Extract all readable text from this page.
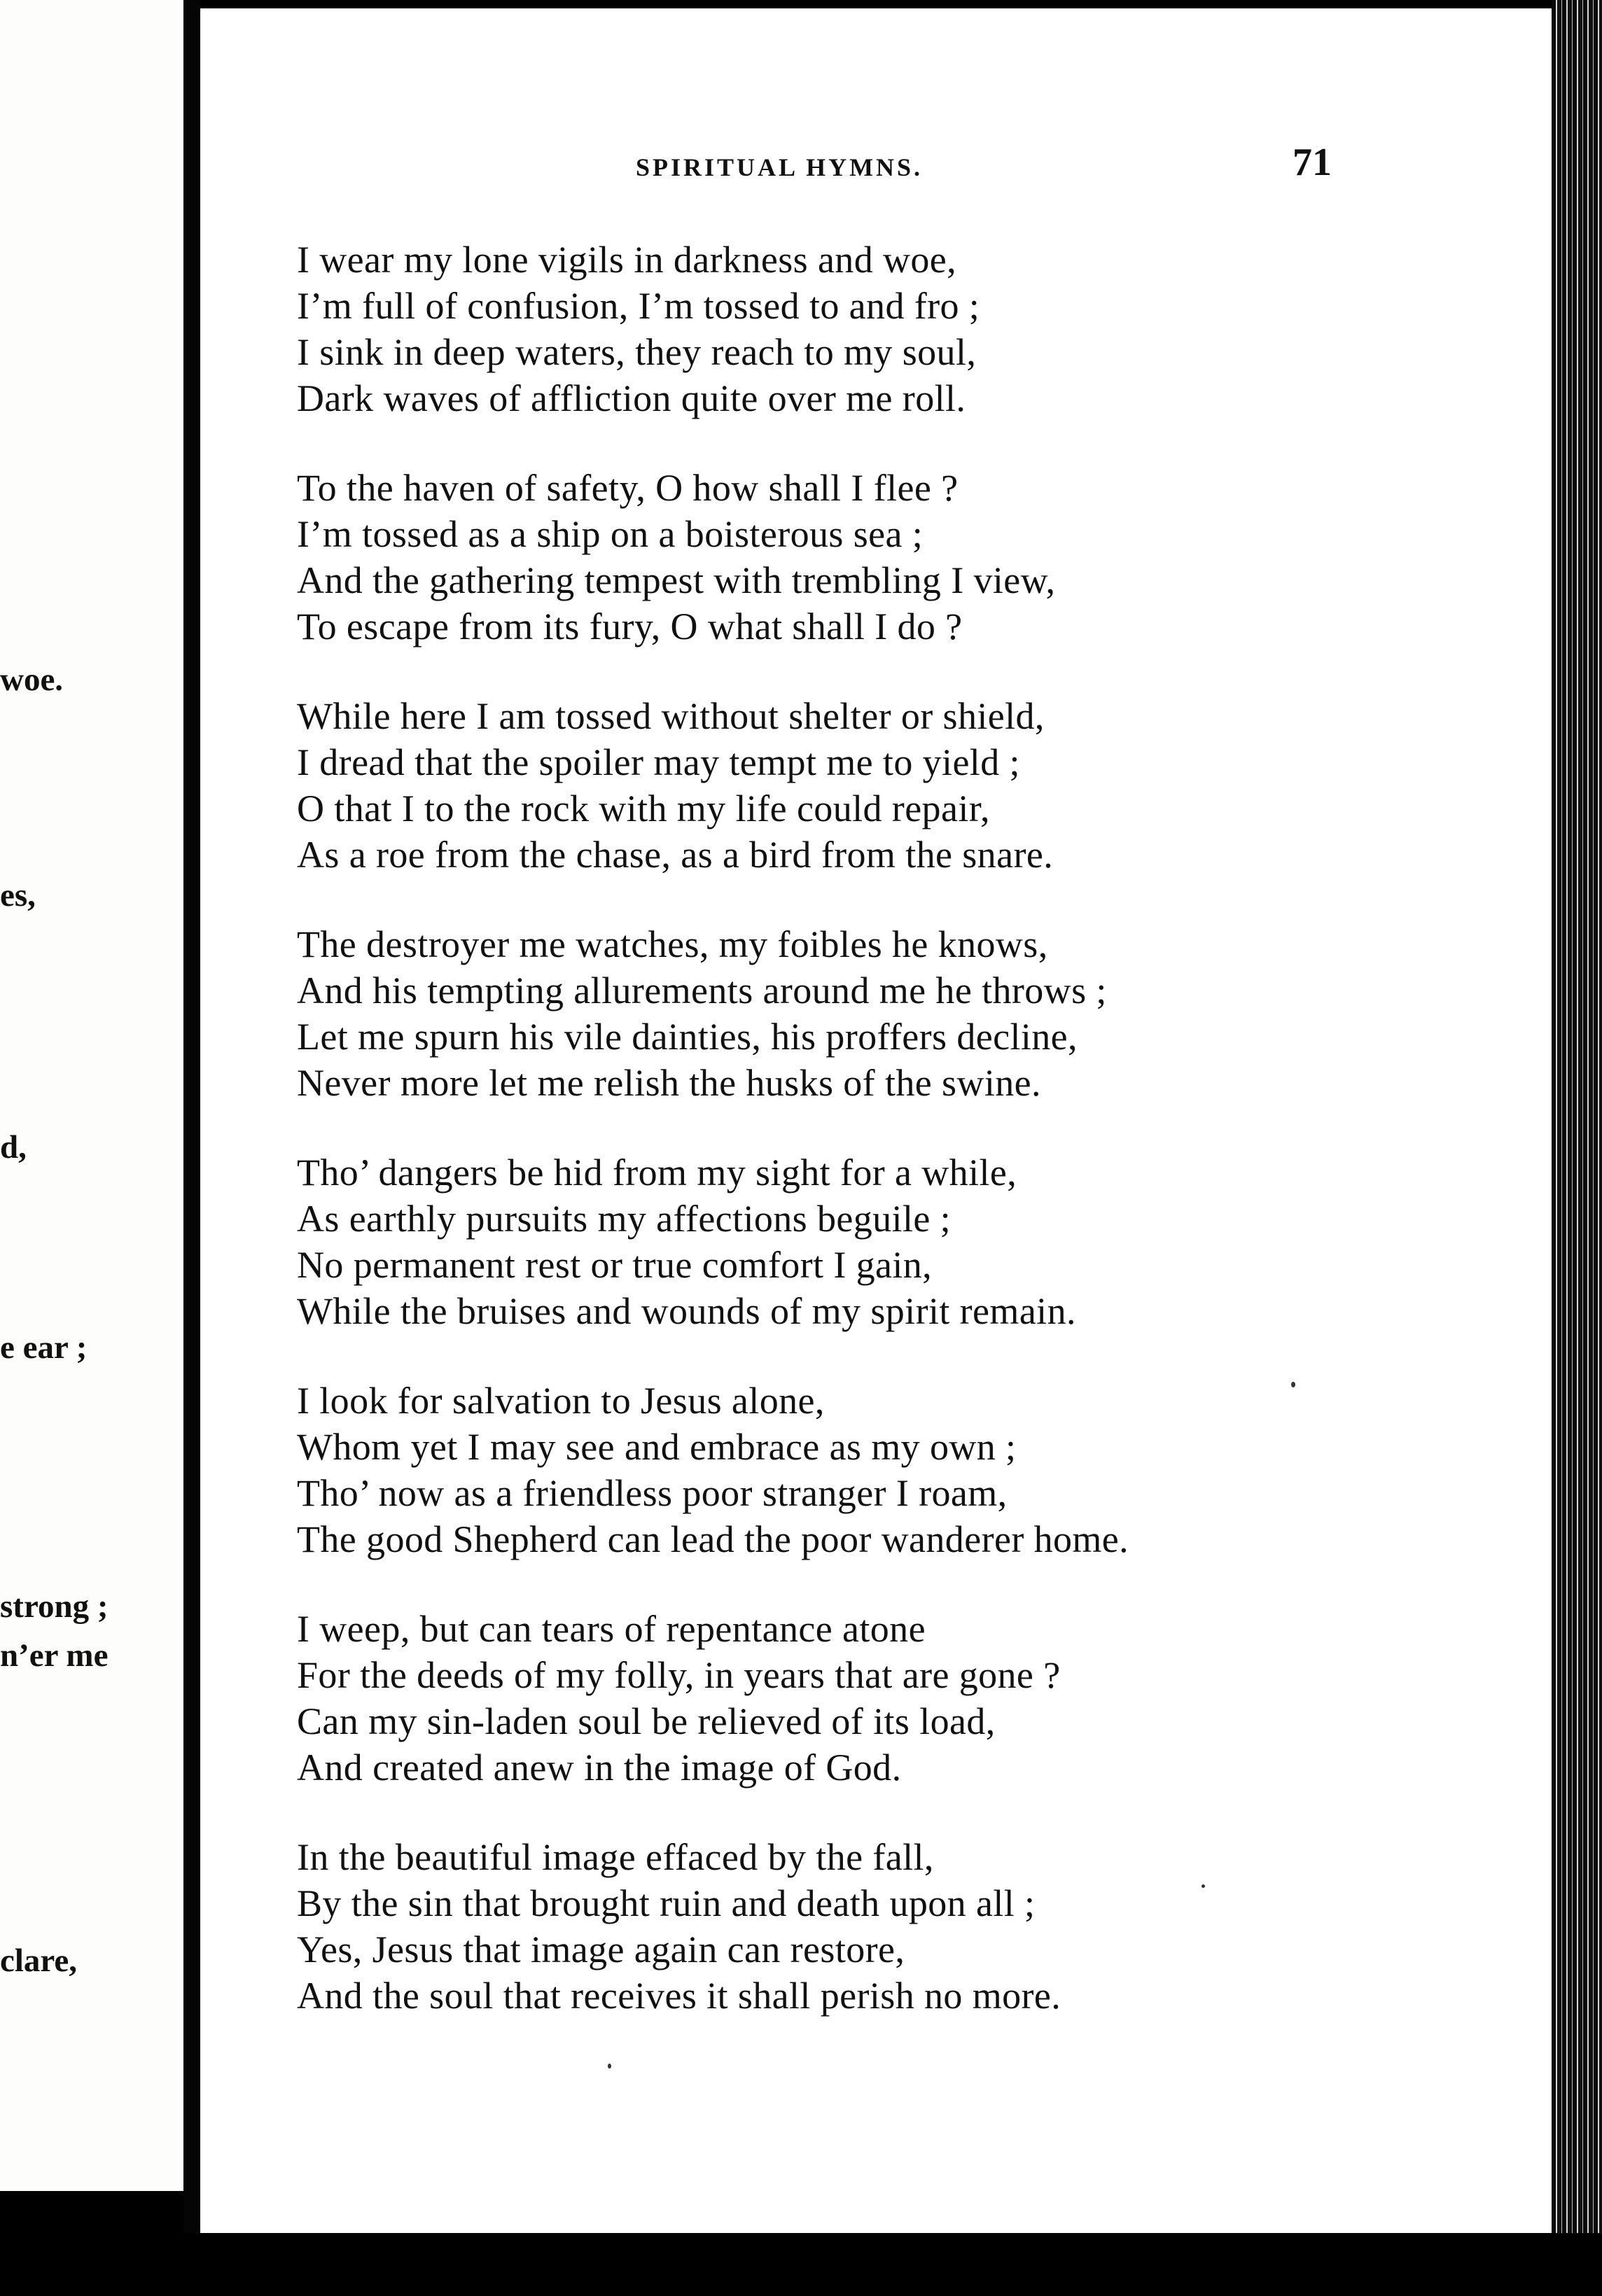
woe.
es,
d,
e ear ;
strong ;
n’er me
clare,
SPIRITUAL HYMNS.	71
I wear my lone vigils in darkness and woe,
I’m full of confusion, I’m tossed to and fro ;
I sink in deep waters, they reach to my soul,
Dark waves of affliction quite over me roll.
To the haven of safety, O how shall I flee ?
I’m tossed as a ship on a boisterous sea ;
And the gathering tempest with trembling I view,
To escape from its fury, O what shall I do ?
While here I am tossed without shelter or shield,
I dread that the spoiler may tempt me to yield ;
O that I to the rock with my life could repair,
As a roe from the chase, as a bird from the snare.
The destroyer me watches, my foibles he knows,
And his tempting allurements around me he throws ;
Let me spurn his vile dainties, his proffers decline,
Never more let me relish the husks of the swine.
Tho’ dangers be hid from my sight for a while,
As earthly pursuits my affections beguile ;
No permanent rest or true comfort I gain,
While the bruises and wounds of my spirit remain.
I look for salvation to Jesus alone,
Whom yet I may see and embrace as my own ;
Tho’ now as a friendless poor stranger I roam,
The good Shepherd can lead the poor wanderer home.
I weep, but can tears of repentance atone
For the deeds of my folly, in years that are gone ?
Can my sin-laden soul be relieved of its load,
And created anew in the image of God.
In the beautiful image effaced by the fall,
By the sin that brought ruin and death upon all ;
Yes, Jesus that image again can restore,
And the soul that receives it shall perish no more.
